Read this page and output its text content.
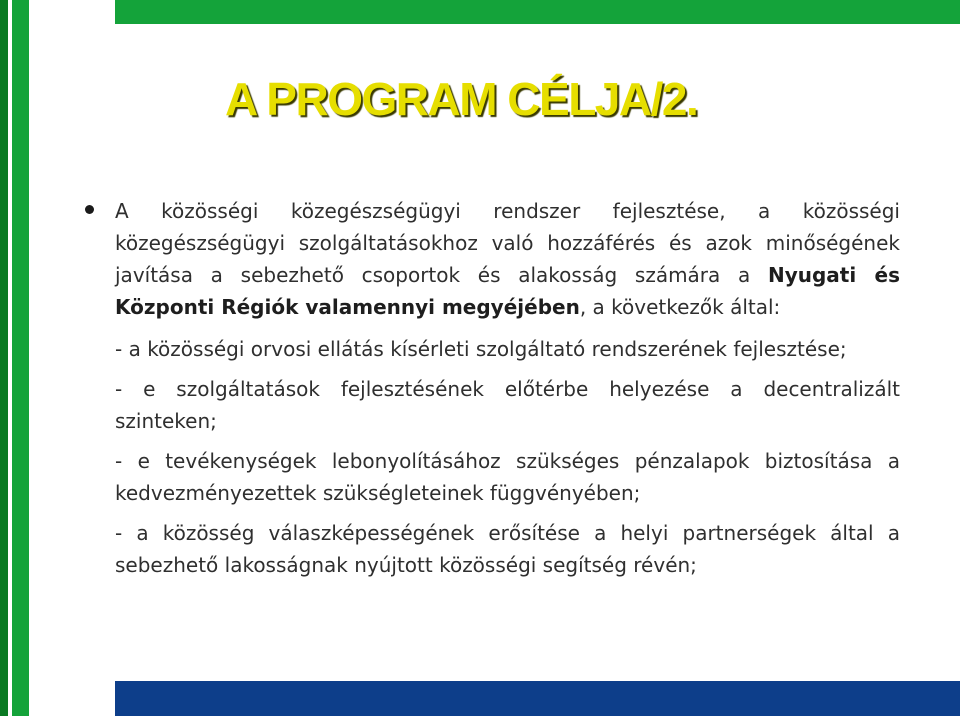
A PROGRAM CÉLJA/2.

A közösségi közegészségügyi rendszer fejlesztése, a közösségi közegészségügyi szolgáltatásokhoz való hozzáférés és azok minőségének javítása a sebezhető csoportok és alakosság számára a Nyugati és Központi Régiók valamennyi megyéjében, a következők által:

- a közösségi orvosi ellátás kísérleti szolgáltató rendszerének fejlesztése;

- e szolgáltatások fejlesztésének előtérbe helyezése a decentralizált szinteken;

- e tevékenységek lebonyolításához szükséges pénzalapok biztosítása a kedvezményezettek szükségleteinek függvényében;

- a közösség válaszképességének erősítése a helyi partnerségek által a sebezhető lakosságnak nyújtott közösségi segítség révén;
